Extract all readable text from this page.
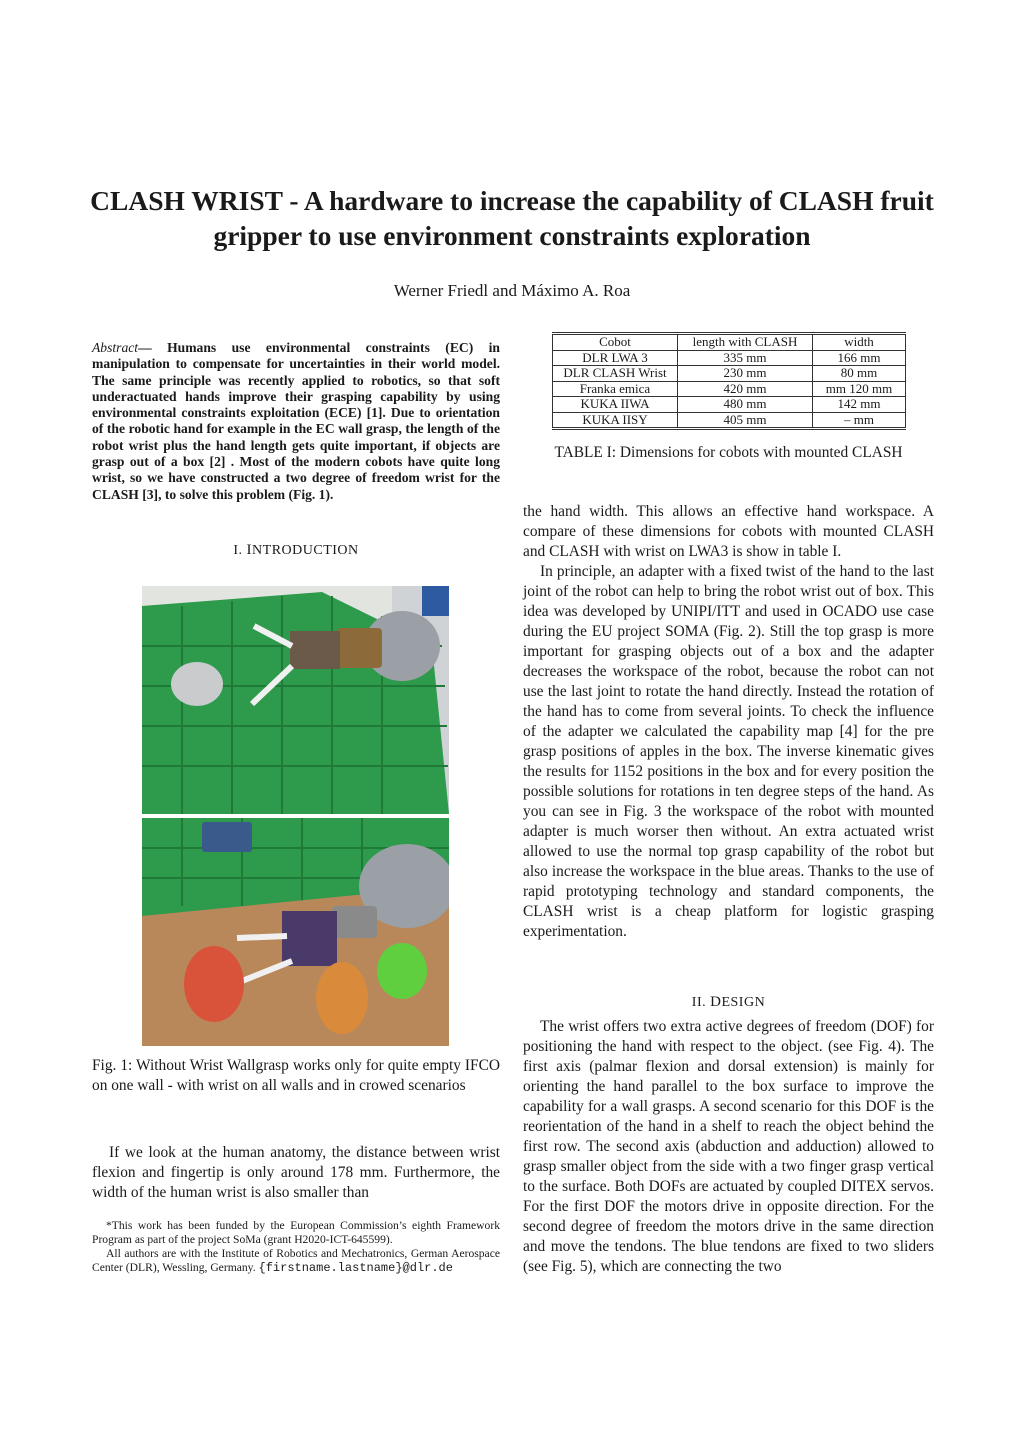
CLASH WRIST - A hardware to increase the capability of CLASH fruit gripper to use environment constraints exploration
Werner Friedl and Máximo A. Roa
Abstract— Humans use environmental constraints (EC) in manipulation to compensate for uncertainties in their world model. The same principle was recently applied to robotics, so that soft underactuated hands improve their grasping capability by using environmental constraints exploitation (ECE) [1]. Due to orientation of the robotic hand for example in the EC wall grasp, the length of the robot wrist plus the hand length gets quite important, if objects are grasp out of a box [2] . Most of the modern cobots have quite long wrist, so we have constructed a two degree of freedom wrist for the CLASH [3], to solve this problem (Fig. 1).
I. INTRODUCTION
Fig. 1: Without Wrist Wallgrasp works only for quite empty IFCO on one wall - with wrist on all walls and in crowed scenarios

If we look at the human anatomy, the distance between wrist flexion and fingertip is only around 178 mm. Furthermore, the width of the human wrist is also smaller than

*This work has been funded by the European Commission’s eighth Framework Program as part of the project SoMa (grant H2020-ICT-645599).

All authors are with the Institute of Robotics and Mechatronics, German Aerospace Center (DLR), Wessling, Germany. {firstname.lastname}@dlr.de

Cobot	length with CLASH	width
DLR LWA 3	335 mm	166 mm
DLR CLASH Wrist	230 mm	80 mm
Franka emica	420 mm	mm 120 mm
KUKA IIWA	480 mm	142 mm
KUKA IISY	405 mm	– mm
TABLE I: Dimensions for cobots with mounted CLASH

the hand width. This allows an effective hand workspace. A compare of these dimensions for cobots with mounted CLASH and CLASH with wrist on LWA3 is show in table I.

In principle, an adapter with a fixed twist of the hand to the last joint of the robot can help to bring the robot wrist out of box. This idea was developed by UNIPI/ITT and used in OCADO use case during the EU project SOMA (Fig. 2). Still the top grasp is more important for grasping objects out of a box and the adapter decreases the workspace of the robot, because the robot can not use the last joint to rotate the hand directly. Instead the rotation of the hand has to come from several joints. To check the influence of the adapter we calculated the capability map [4] for the pre grasp positions of apples in the box. The inverse kinematic gives the results for 1152 positions in the box and for every position the possible solutions for rotations in ten degree steps of the hand. As you can see in Fig. 3 the workspace of the robot with mounted adapter is much worser then without. An extra actuated wrist allowed to use the normal top grasp capability of the robot but also increase the workspace in the blue areas. Thanks to the use of rapid prototyping technology and standard components, the CLASH wrist is a cheap platform for logistic grasping experimentation.

II. DESIGN

The wrist offers two extra active degrees of freedom (DOF) for positioning the hand with respect to the object. (see Fig. 4). The first axis (palmar flexion and dorsal extension) is mainly for orienting the hand parallel to the box surface to improve the capability for a wall grasps. A second scenario for this DOF is the reorientation of the hand in a shelf to reach the object behind the first row. The second axis (abduction and adduction) allowed to grasp smaller object from the side with a two finger grasp vertical to the surface. Both DOFs are actuated by coupled DITEX servos. For the first DOF the motors drive in opposite direction. For the second degree of freedom the motors drive in the same direction and move the tendons. The blue tendons are fixed to two sliders (see Fig. 5), which are connecting the two
